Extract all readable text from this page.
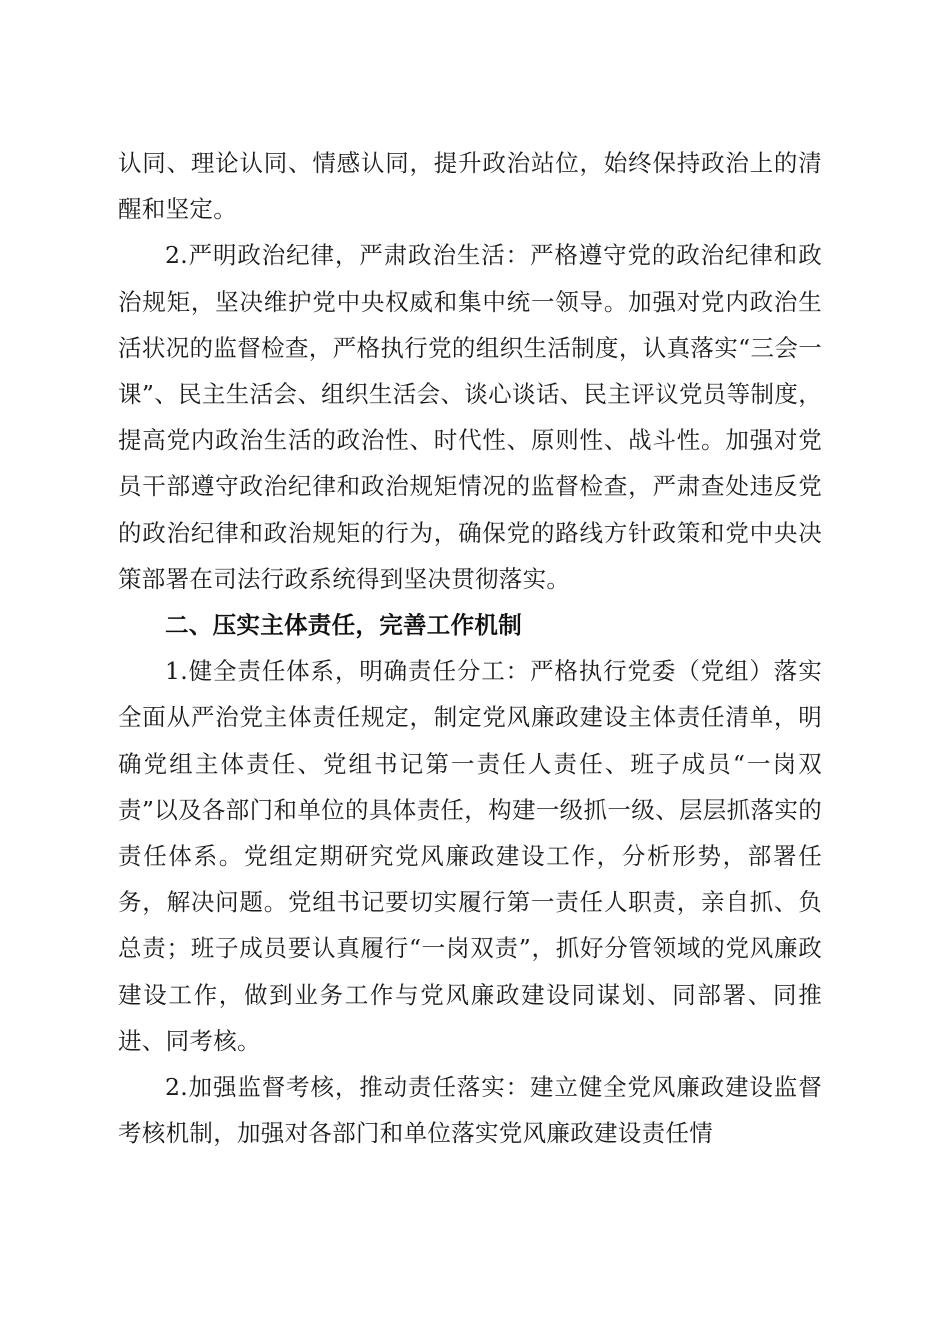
认同、理论认同、情感认同，提升政治站位，始终保持政治上的清醒和坚定。

2.严明政治纪律，严肃政治生活：严格遵守党的政治纪律和政治规矩，坚决维护党中央权威和集中统一领导。加强对党内政治生活状况的监督检查，严格执行党的组织生活制度，认真落实“三会一课”、民主生活会、组织生活会、谈心谈话、民主评议党员等制度，提高党内政治生活的政治性、时代性、原则性、战斗性。加强对党员干部遵守政治纪律和政治规矩情况的监督检查，严肃查处违反党的政治纪律和政治规矩的行为，确保党的路线方针政策和党中央决策部署在司法行政系统得到坚决贯彻落实。

二、压实主体责任，完善工作机制

1.健全责任体系，明确责任分工：严格执行党委（党组）落实全面从严治党主体责任规定，制定党风廉政建设主体责任清单，明确党组主体责任、党组书记第一责任人责任、班子成员“一岗双责”以及各部门和单位的具体责任，构建一级抓一级、层层抓落实的责任体系。党组定期研究党风廉政建设工作，分析形势，部署任务，解决问题。党组书记要切实履行第一责任人职责，亲自抓、负总责；班子成员要认真履行“一岗双责”，抓好分管领域的党风廉政建设工作，做到业务工作与党风廉政建设同谋划、同部署、同推进、同考核。

2.加强监督考核，推动责任落实：建立健全党风廉政建设监督考核机制，加强对各部门和单位落实党风廉政建设责任情
